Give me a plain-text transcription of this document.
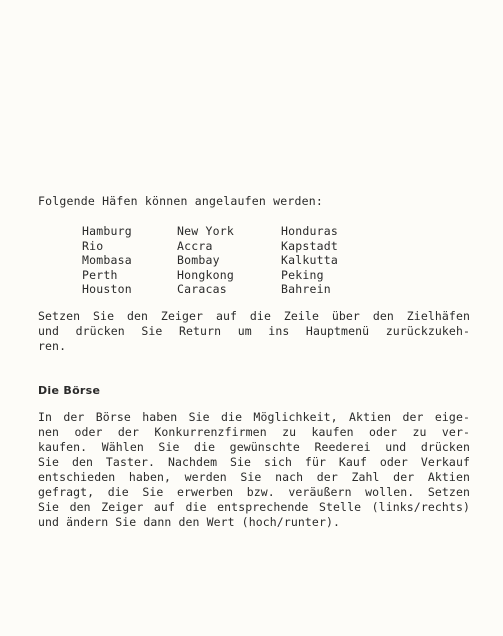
Folgende Häfen können angelaufen werden:
Hamburg	New York	Honduras
Rio	Accra	Kapstadt
Mombasa	Bombay	Kalkutta
Perth	Hongkong	Peking
Houston	Caracas	Bahrein
Setzen Sie den Zeiger auf die Zeile über den Zielhäfen
und drücken Sie Return um ins Hauptmenü zurückzukeh-
ren.
Die Börse
In der Börse haben Sie die Möglichkeit, Aktien der eige-
nen oder der Konkurrenzfirmen zu kaufen oder zu ver-
kaufen. Wählen Sie die gewünschte Reederei und drücken
Sie den Taster. Nachdem Sie sich für Kauf oder Verkauf
entschieden haben, werden Sie nach der Zahl der Aktien
gefragt, die Sie erwerben bzw. veräußern wollen. Setzen
Sie den Zeiger auf die entsprechende Stelle (links/rechts)
und ändern Sie dann den Wert (hoch/runter).
